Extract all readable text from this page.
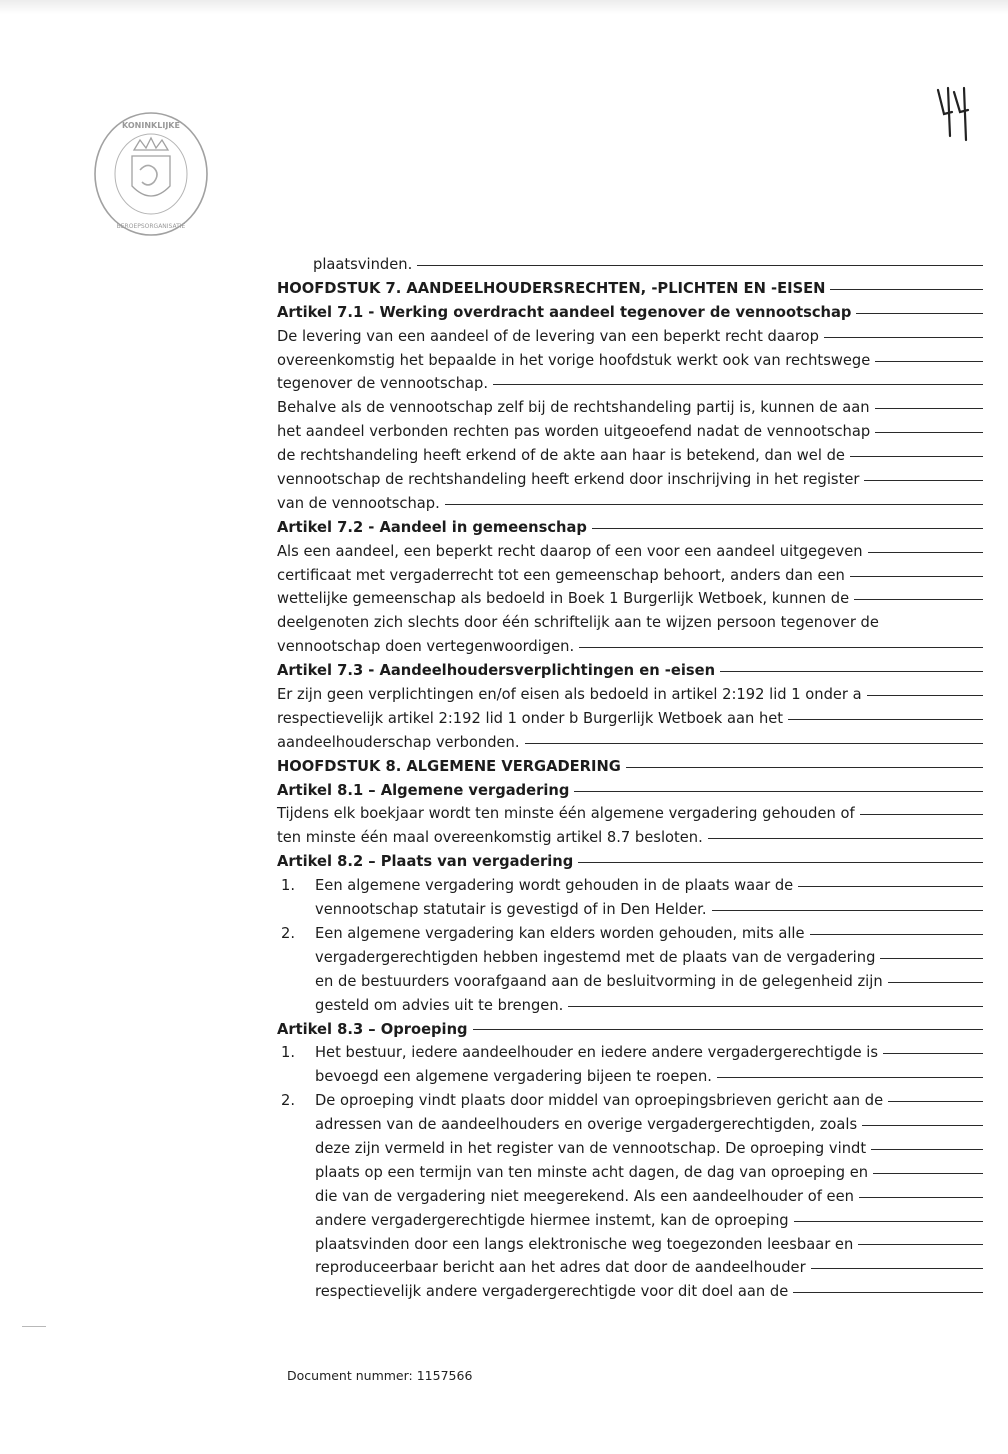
KONINKLIJKE
BEROEPSORGANISATIE
plaatsvinden.
HOOFDSTUK 7. AANDEELHOUDERSRECHTEN, -PLICHTEN EN -EISEN
Artikel 7.1 - Werking overdracht aandeel tegenover de vennootschap
De levering van een aandeel of de levering van een beperkt recht daarop
overeenkomstig het bepaalde in het vorige hoofdstuk werkt ook van rechtswege
tegenover de vennootschap.
Behalve als de vennootschap zelf bij de rechtshandeling partij is, kunnen de aan
het aandeel verbonden rechten pas worden uitgeoefend nadat de vennootschap
de rechtshandeling heeft erkend of de akte aan haar is betekend, dan wel de
vennootschap de rechtshandeling heeft erkend door inschrijving in het register
van de vennootschap.
Artikel 7.2 - Aandeel in gemeenschap
Als een aandeel, een beperkt recht daarop of een voor een aandeel uitgegeven
certificaat met vergaderrecht tot een gemeenschap behoort, anders dan een
wettelijke gemeenschap als bedoeld in Boek 1 Burgerlijk Wetboek, kunnen de
deelgenoten zich slechts door één schriftelijk aan te wijzen persoon tegenover de
vennootschap doen vertegenwoordigen.
Artikel 7.3 - Aandeelhoudersverplichtingen en -eisen
Er zijn geen verplichtingen en/of eisen als bedoeld in artikel 2:192 lid 1 onder a
respectievelijk artikel 2:192 lid 1 onder b Burgerlijk Wetboek aan het
aandeelhouderschap verbonden.
HOOFDSTUK 8. ALGEMENE VERGADERING
Artikel 8.1 – Algemene vergadering
Tijdens elk boekjaar wordt ten minste één algemene vergadering gehouden of
ten minste één maal overeenkomstig artikel 8.7 besloten.
Artikel 8.2 – Plaats van vergadering
1.	Een algemene vergadering wordt gehouden in de plaats waar de
vennootschap statutair is gevestigd of in Den Helder.
2.	Een algemene vergadering kan elders worden gehouden, mits alle
vergadergerechtigden hebben ingestemd met de plaats van de vergadering
en de bestuurders voorafgaand aan de besluitvorming in de gelegenheid zijn
gesteld om advies uit te brengen.
Artikel 8.3 – Oproeping
1.	Het bestuur, iedere aandeelhouder en iedere andere vergadergerechtigde is
bevoegd een algemene vergadering bijeen te roepen.
2.	De oproeping vindt plaats door middel van oproepingsbrieven gericht aan de
adressen van de aandeelhouders en overige vergadergerechtigden, zoals
deze zijn vermeld in het register van de vennootschap. De oproeping vindt
plaats op een termijn van ten minste acht dagen, de dag van oproeping en
die van de vergadering niet meegerekend. Als een aandeelhouder of een
andere vergadergerechtigde hiermee instemt, kan de oproeping
plaatsvinden door een langs elektronische weg toegezonden leesbaar en
reproduceerbaar bericht aan het adres dat door de aandeelhouder
respectievelijk andere vergadergerechtigde voor dit doel aan de
Document nummer: 1157566
